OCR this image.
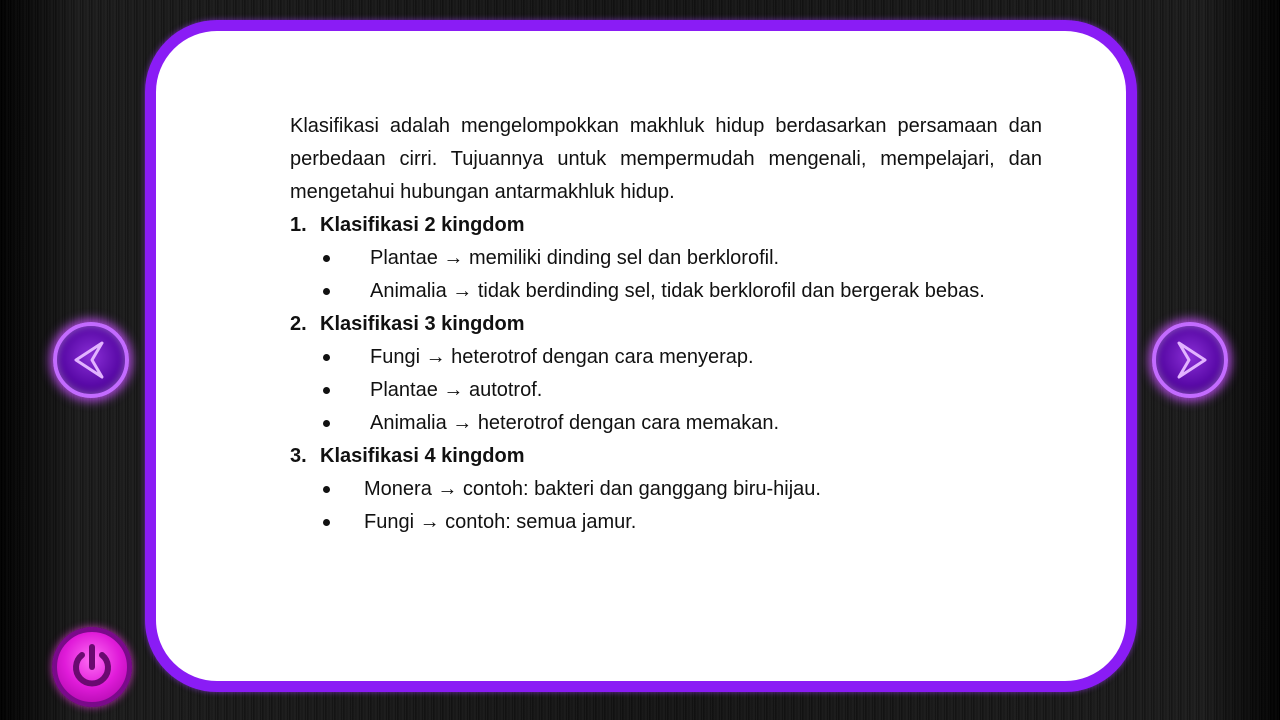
Klasifikasi adalah mengelompokkan makhluk hidup berdasarkan persamaan dan perbedaan cirri. Tujuannya untuk mempermudah mengenali, mempelajari, dan mengetahui hubungan antarmakhluk hidup.

1. Klasifikasi 2 kingdom
Plantae → memiliki dinding sel dan berklorofil.
Animalia → tidak berdinding sel, tidak berklorofil dan bergerak bebas.
2. Klasifikasi 3 kingdom
Fungi → heterotrof dengan cara menyerap.
Plantae → autotrof.
Animalia → heterotrof dengan cara memakan.
3. Klasifikasi 4 kingdom
Monera → contoh: bakteri dan ganggang biru-hijau.
Fungi → contoh: semua jamur.
